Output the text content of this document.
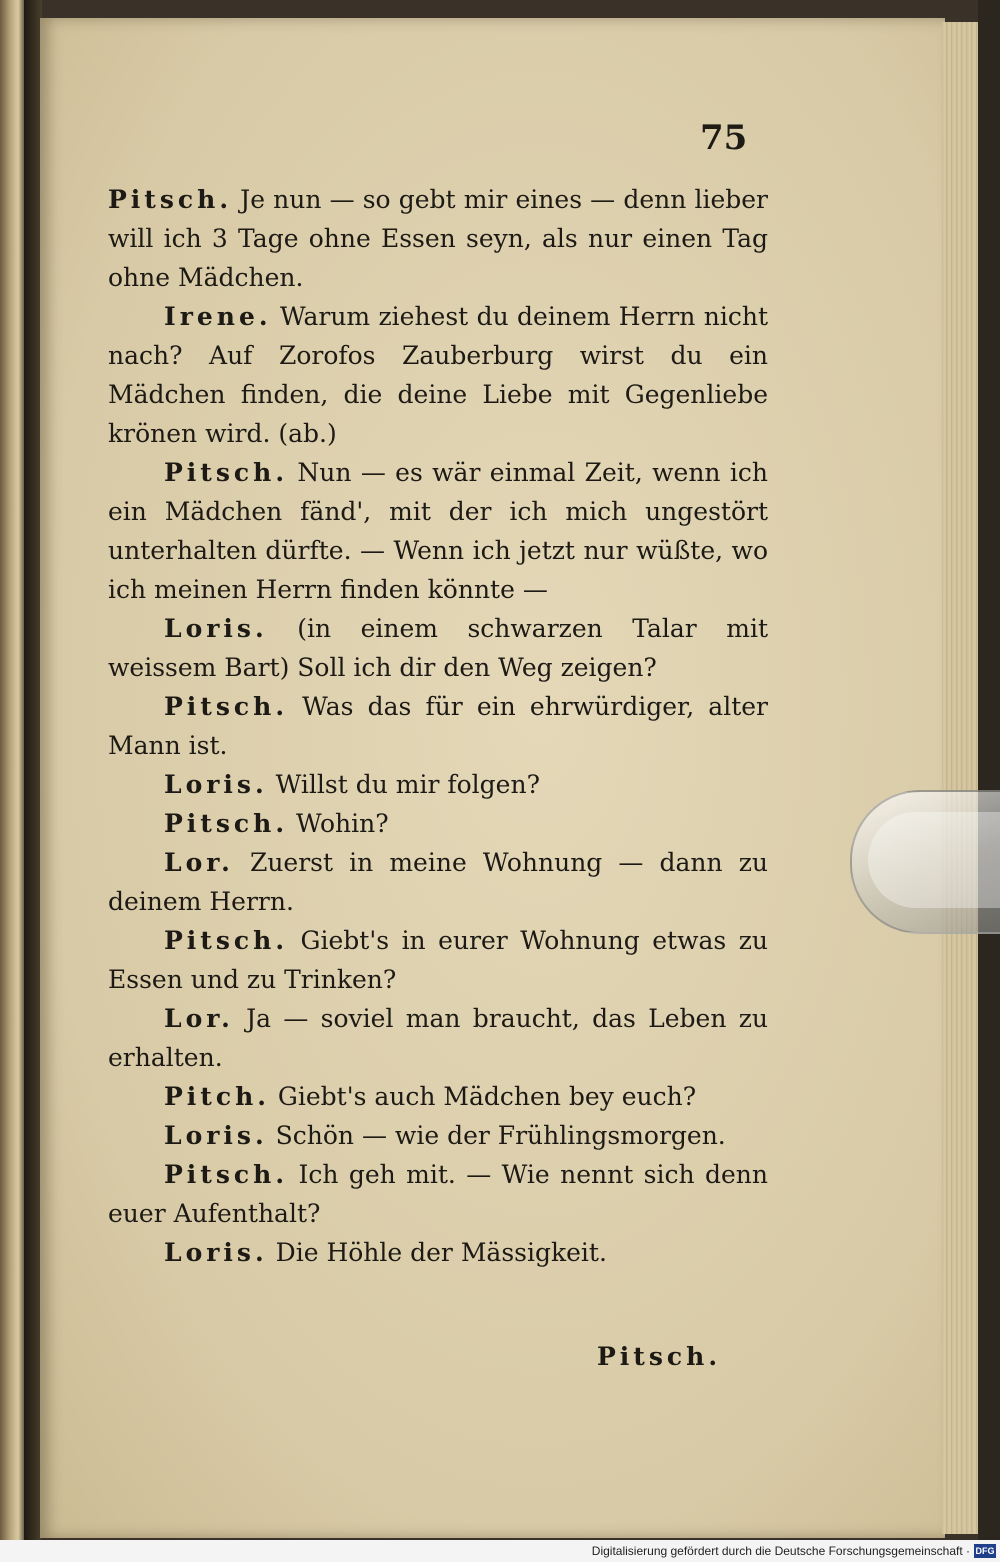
75

Pitsch. Je nun — so gebt mir eines — denn lieber will ich 3 Tage ohne Essen seyn, als nur einen Tag ohne Mädchen.

Irene. Warum ziehest du deinem Herrn nicht nach? Auf Zorofos Zauberburg wirst du ein Mädchen finden, die deine Liebe mit Gegenliebe krönen wird. (ab.)

Pitsch. Nun — es wär einmal Zeit, wenn ich ein Mädchen fänd', mit der ich mich ungestört unterhalten dürfte. — Wenn ich jetzt nur wüßte, wo ich meinen Herrn finden könnte —

Loris. (in einem schwarzen Talar mit weissem Bart) Soll ich dir den Weg zeigen?

Pitsch. Was das für ein ehrwürdiger, alter Mann ist.

Loris. Willst du mir folgen?

Pitsch. Wohin?

Lor. Zuerst in meine Wohnung — dann zu deinem Herrn.

Pitsch. Giebt's in eurer Wohnung etwas zu Essen und zu Trinken?

Lor. Ja — soviel man braucht, das Leben zu erhalten.

Pitch. Giebt's auch Mädchen bey euch?

Loris. Schön — wie der Frühlingsmorgen.

Pitsch. Ich geh mit. — Wie nennt sich denn euer Aufenthalt?

Loris. Die Höhle der Mässigkeit.

Pitsch.
Digitalisierung gefördert durch die Deutsche Forschungsgemeinschaft · DFG
